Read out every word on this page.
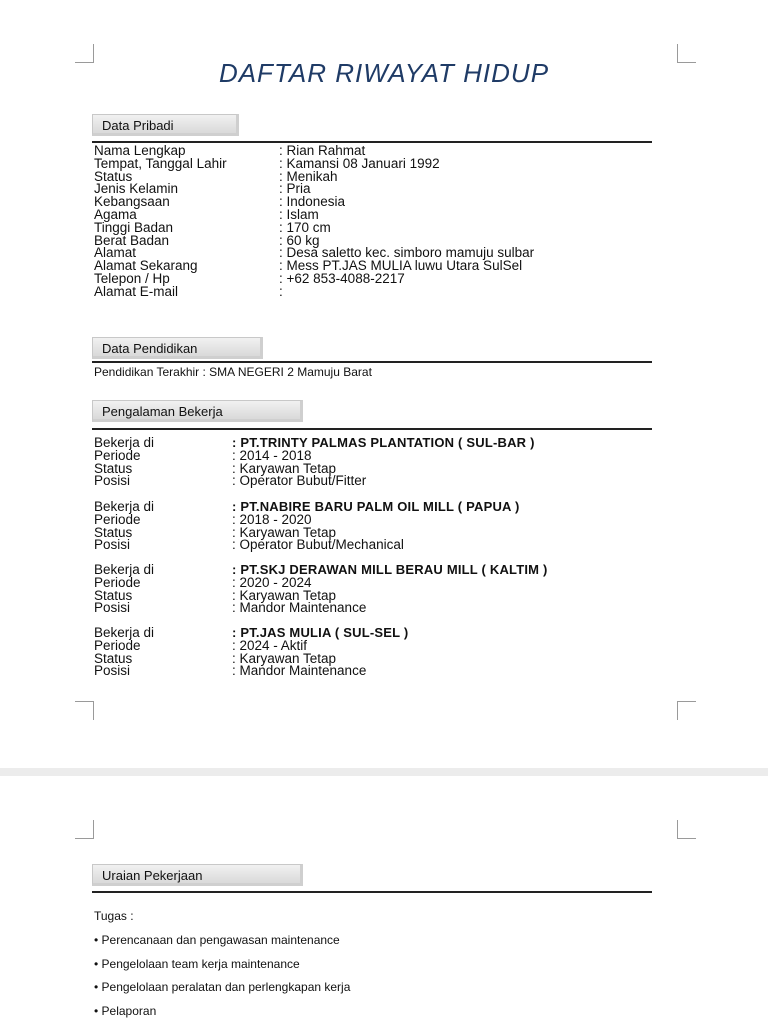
DAFTAR RIWAYAT HIDUP
Data Pribadi
Nama Lengkap	: Rian Rahmat
Tempat, Tanggal Lahir	: Kamansi 08 Januari 1992
Status	: Menikah
Jenis Kelamin	: Pria
Kebangsaan	: Indonesia
Agama	: Islam
Tinggi Badan	: 170 cm
Berat Badan	: 60 kg
Alamat	: Desa saletto kec. simboro mamuju sulbar
Alamat Sekarang	: Mess PT.JAS MULIA luwu Utara SulSel
Telepon / Hp	: +62 853-4088-2217
Alamat E-mail	:
Data Pendidikan
Pendidikan Terakhir : SMA NEGERI 2 Mamuju Barat
Pengalaman Bekerja
Bekerja di	: PT.TRINTY PALMAS PLANTATION ( SUL-BAR )
Periode	: 2014 - 2018
Status	: Karyawan Tetap
Posisi	: Operator Bubut/Fitter
Bekerja di	: PT.NABIRE BARU PALM OIL MILL ( PAPUA )
Periode	: 2018 - 2020
Status	: Karyawan Tetap
Posisi	: Operator Bubut/Mechanical
Bekerja di	: PT.SKJ DERAWAN MILL BERAU MILL ( KALTIM )
Periode	: 2020 - 2024
Status	: Karyawan Tetap
Posisi	: Mandor Maintenance
Bekerja di	: PT.JAS MULIA ( SUL-SEL )
Periode	: 2024 - Aktif
Status	: Karyawan Tetap
Posisi	: Mandor Maintenance
Uraian Pekerjaan
Tugas :
• Perencanaan dan pengawasan maintenance
• Pengelolaan team kerja maintenance
• Pengelolaan peralatan dan perlengkapan kerja
• Pelaporan
